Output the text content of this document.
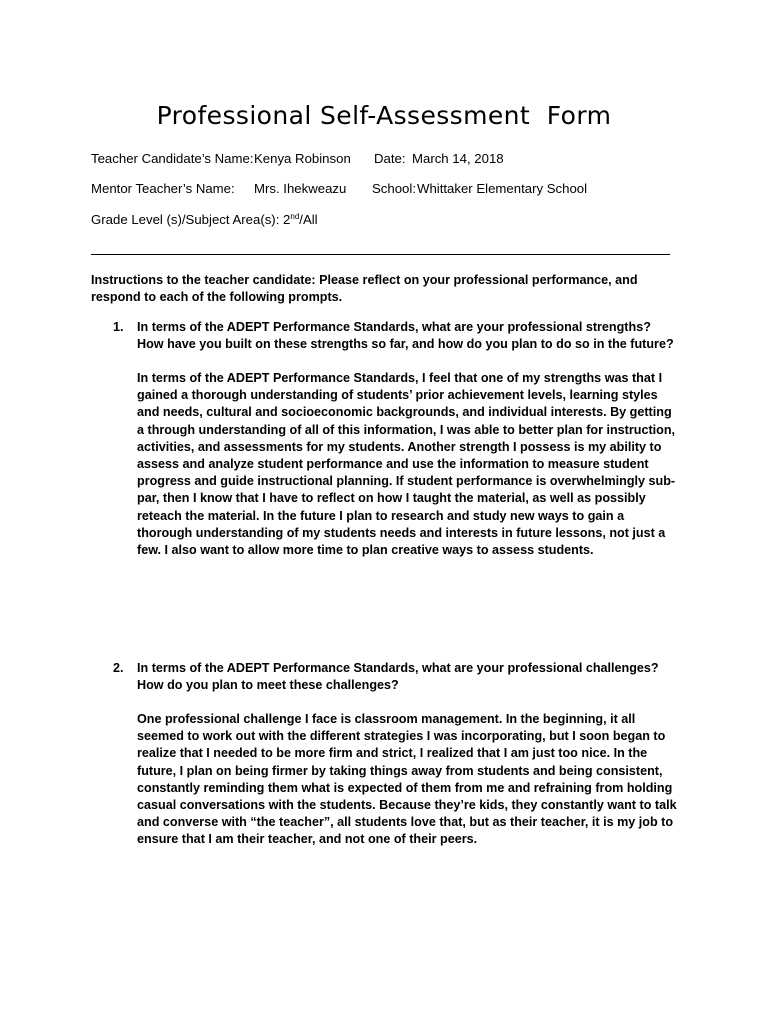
Professional Self-Assessment  Form
Teacher Candidate’s Name: Kenya Robinson Date: March 14, 2018
Mentor Teacher’s Name: Mrs. Ihekweazu School: Whittaker Elementary School
Grade Level (s)/Subject Area(s): 2nd/All
Instructions to the teacher candidate: Please reflect on your professional performance, and
respond to each of the following prompts.
1. In terms of the ADEPT Performance Standards, what are your professional strengths?
How have you built on these strengths so far, and how do you plan to do so in the future?
In terms of the ADEPT Performance Standards, I feel that one of my strengths was that I
gained a thorough understanding of students’ prior achievement levels, learning styles
and needs, cultural and socioeconomic backgrounds, and individual interests. By getting
a through understanding of all of this information, I was able to better plan for instruction,
activities, and assessments for my students. Another strength I possess is my ability to
assess and analyze student performance and use the information to measure student
progress and guide instructional planning. If student performance is overwhelmingly sub-
par, then I know that I have to reflect on how I taught the material, as well as possibly
reteach the material. In the future I plan to research and study new ways to gain a
thorough understanding of my students needs and interests in future lessons, not just a
few. I also want to allow more time to plan creative ways to assess students.
2. In terms of the ADEPT Performance Standards, what are your professional challenges?
How do you plan to meet these challenges?
One professional challenge I face is classroom management. In the beginning, it all
seemed to work out with the different strategies I was incorporating, but I soon began to
realize that I needed to be more firm and strict, I realized that I am just too nice. In the
future, I plan on being firmer by taking things away from students and being consistent,
constantly reminding them what is expected of them from me and refraining from holding
casual conversations with the students. Because they’re kids, they constantly want to talk
and converse with “the teacher”, all students love that, but as their teacher, it is my job to
ensure that I am their teacher, and not one of their peers.
